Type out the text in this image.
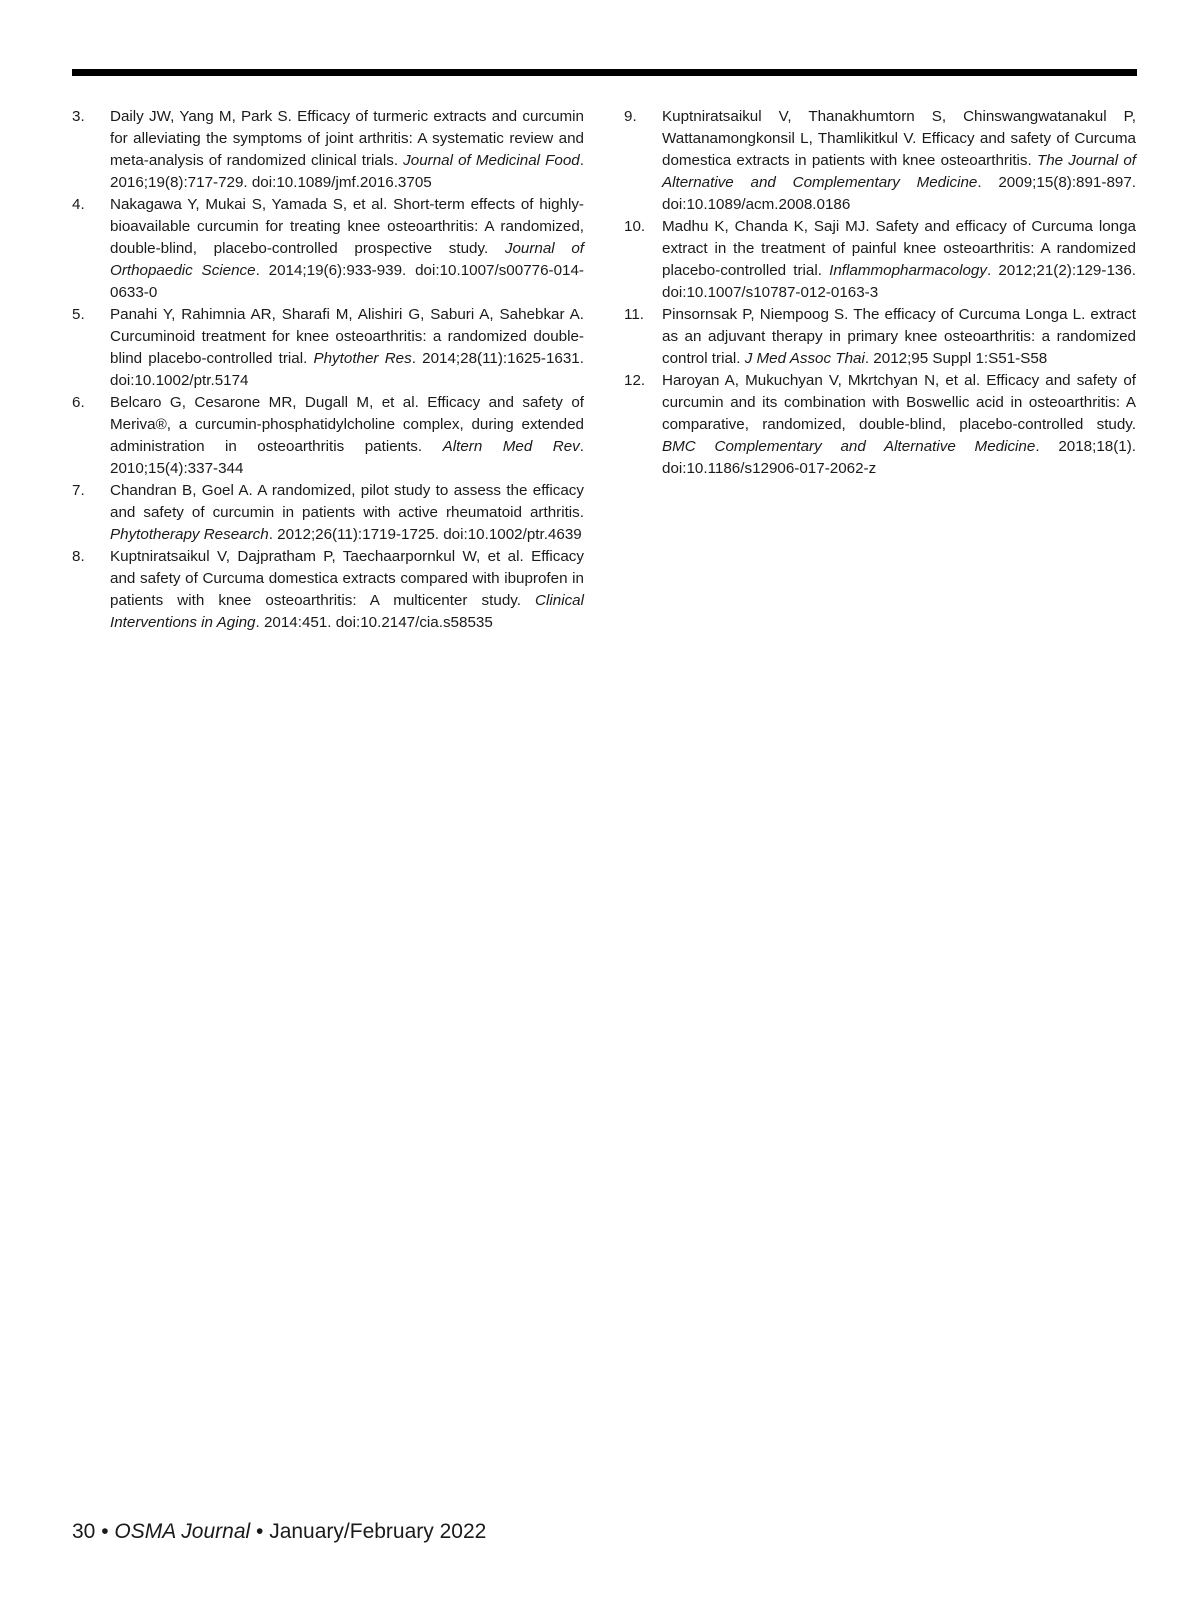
3.	Daily JW, Yang M, Park S. Efficacy of turmeric extracts and curcumin for alleviating the symptoms of joint arthritis: A systematic review and meta-analysis of randomized clinical trials. Journal of Medicinal Food. 2016;19(8):717-729. doi:10.1089/jmf.2016.3705
4.	Nakagawa Y, Mukai S, Yamada S, et al. Short-term effects of highly-bioavailable curcumin for treating knee osteoarthritis: A randomized, double-blind, placebo-controlled prospective study. Journal of Orthopaedic Science. 2014;19(6):933-939. doi:10.1007/s00776-014-0633-0
5.	Panahi Y, Rahimnia AR, Sharafi M, Alishiri G, Saburi A, Sahebkar A. Curcuminoid treatment for knee osteoarthritis: a randomized double-blind placebo-controlled trial. Phytother Res. 2014;28(11):1625-1631. doi:10.1002/ptr.5174
6.	Belcaro G, Cesarone MR, Dugall M, et al. Efficacy and safety of Meriva®, a curcumin-phosphatidylcholine complex, during extended administration in osteoarthritis patients. Altern Med Rev. 2010;15(4):337-344
7.	Chandran B, Goel A. A randomized, pilot study to assess the efficacy and safety of curcumin in patients with active rheumatoid arthritis. Phytotherapy Research. 2012;26(11):1719-1725. doi:10.1002/ptr.4639
8.	Kuptniratsaikul V, Dajpratham P, Taechaarpornkul W, et al. Efficacy and safety of Curcuma domestica extracts compared with ibuprofen in patients with knee osteoarthritis: A multicenter study. Clinical Interventions in Aging. 2014:451. doi:10.2147/cia.s58535
9.	Kuptniratsaikul V, Thanakhumtorn S, Chinswangwatanakul P, Wattanamongkonsil L, Thamlikitkul V. Efficacy and safety of Curcuma domestica extracts in patients with knee osteoarthritis. The Journal of Alternative and Complementary Medicine. 2009;15(8):891-897. doi:10.1089/acm.2008.0186
10.	Madhu K, Chanda K, Saji MJ. Safety and efficacy of Curcuma longa extract in the treatment of painful knee osteoarthritis: A randomized placebo-controlled trial. Inflammopharmacology. 2012;21(2):129-136. doi:10.1007/s10787-012-0163-3
11.	Pinsornsak P, Niempoog S. The efficacy of Curcuma Longa L. extract as an adjuvant therapy in primary knee osteoarthritis: a randomized control trial. J Med Assoc Thai. 2012;95 Suppl 1:S51-S58
12.	Haroyan A, Mukuchyan V, Mkrtchyan N, et al. Efficacy and safety of curcumin and its combination with Boswellic acid in osteoarthritis: A comparative, randomized, double-blind, placebo-controlled study. BMC Complementary and Alternative Medicine. 2018;18(1). doi:10.1186/s12906-017-2062-z
30 • OSMA Journal • January/February 2022
